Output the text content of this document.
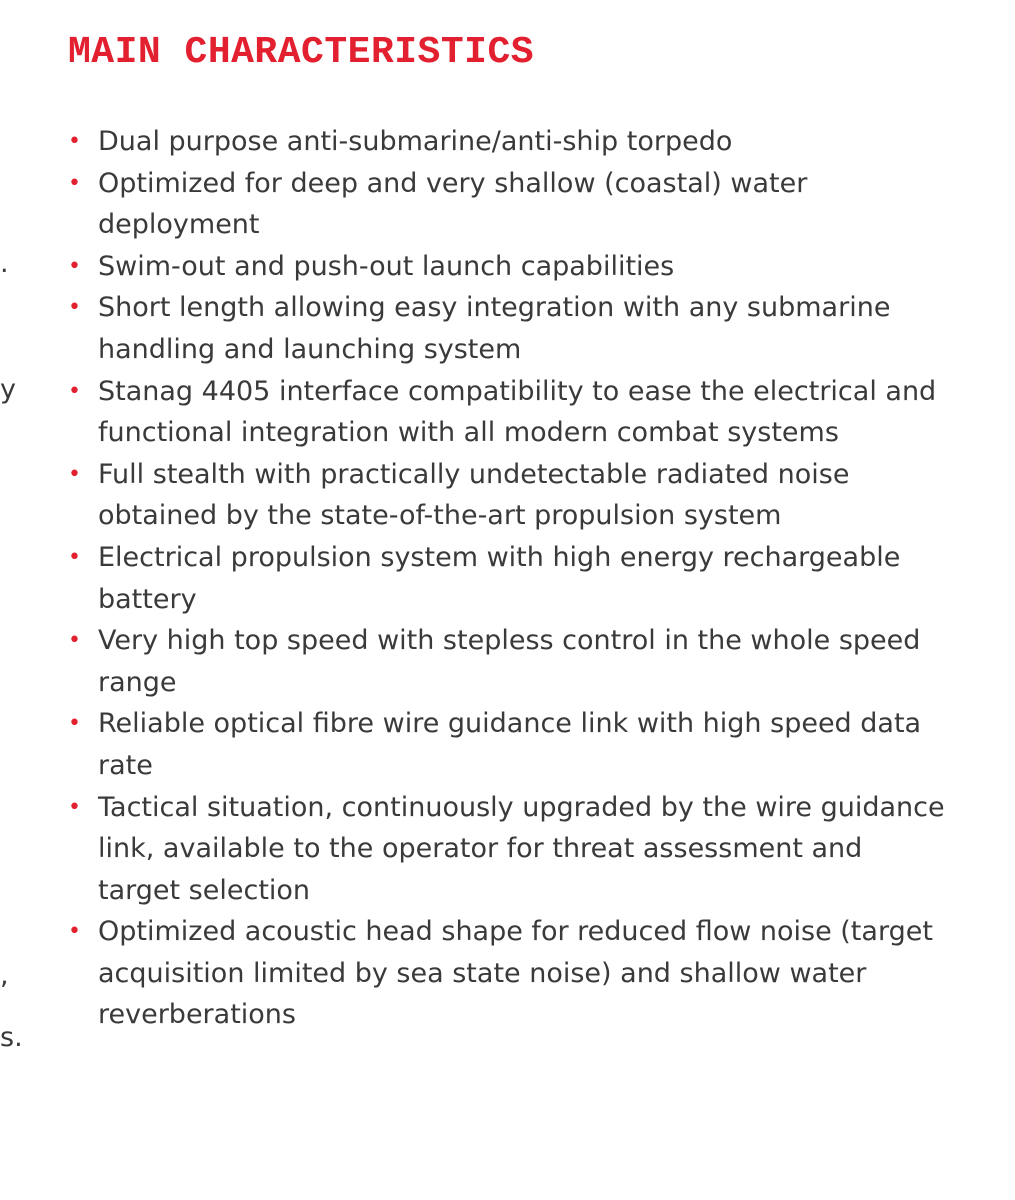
MAIN CHARACTERISTICS
• Dual purpose anti-submarine/anti-ship torpedo
• Optimized for deep and very shallow (coastal) water deployment
• Swim-out and push-out launch capabilities
• Short length allowing easy integration with any submarine handling and launching system
• Stanag 4405 interface compatibility to ease the electrical and functional integration with all modern combat systems
• Full stealth with practically undetectable radiated noise obtained by the state-of-the-art propulsion system
• Electrical propulsion system with high energy rechargeable battery
• Very high top speed with stepless control in the whole speed range
• Reliable optical fibre wire guidance link with high speed data rate
• Tactical situation, continuously upgraded by the wire guidance link, available to the operator for threat assessment and target selection
• Optimized acoustic head shape for reduced flow noise (target acquisition limited by sea state noise) and shallow water reverberations
.
y
,
s.
